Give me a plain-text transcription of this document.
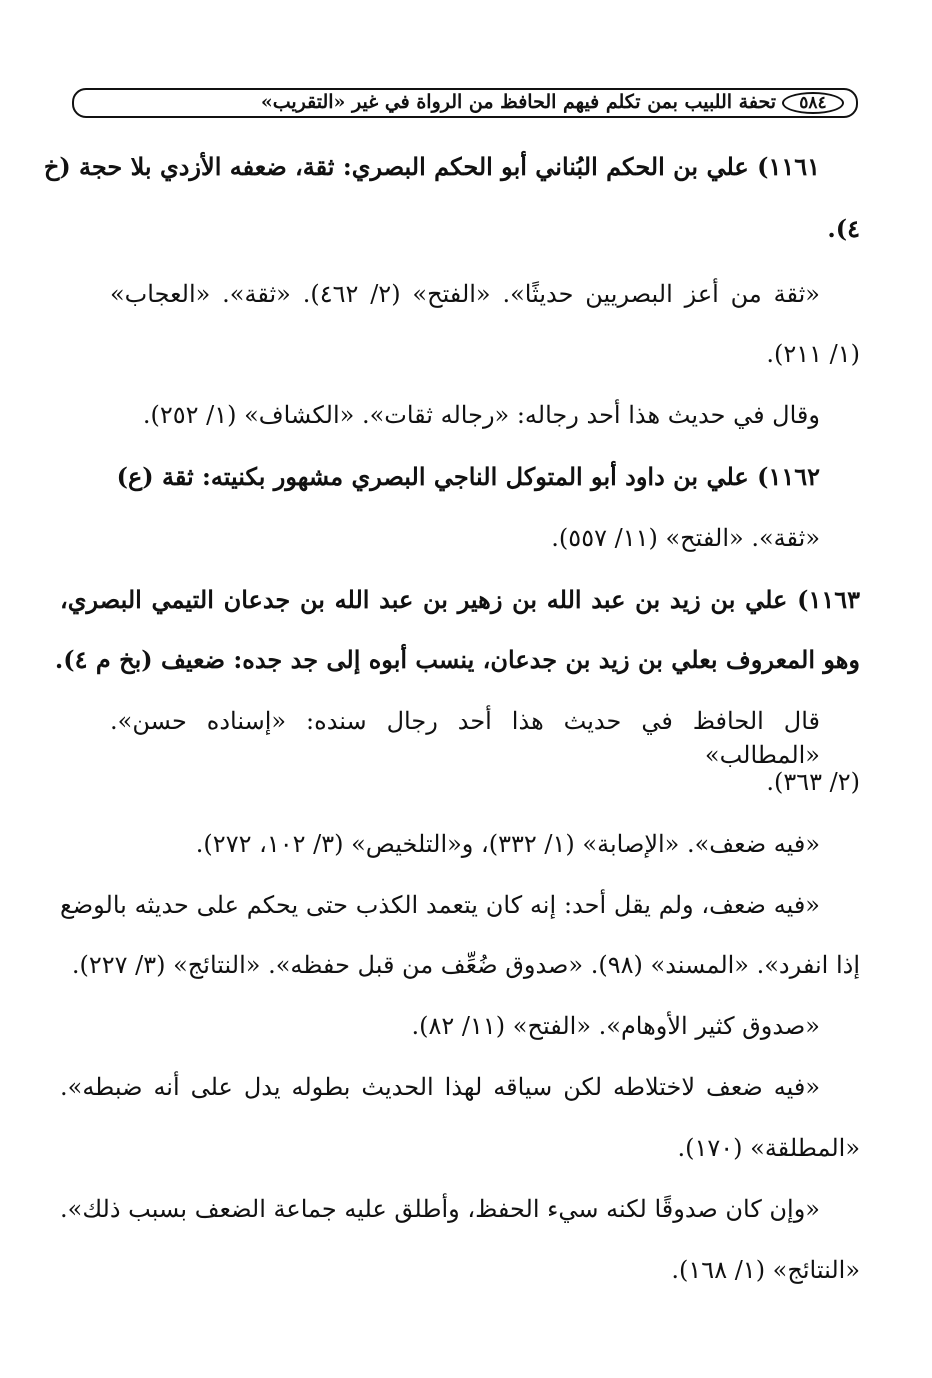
تحفة اللبيب بمن تكلم فيهم الحافظ من الرواة في غير «التقريب»	٥٨٤
١١٦١) علي بن الحكم البُناني أبو الحكم البصري: ثقة، ضعفه الأزدي بلا حجة (خ
٤).
«ثقة من أعز البصريين حديثًا». «الفتح» (٢/ ٤٦٢). «ثقة». «العجاب»
(١/ ٢١١).
وقال في حديث هذا أحد رجاله: «رجاله ثقات». «الكشاف» (١/ ٢٥٢).
١١٦٢) علي بن داود أبو المتوكل الناجي البصري مشهور بكنيته: ثقة (ع)
«ثقة». «الفتح» (١١/ ٥٥٧).
١١٦٣) علي بن زيد بن عبد الله بن زهير بن عبد الله بن جدعان التيمي البصري،
وهو المعروف بعلي بن زيد بن جدعان، ينسب أبوه إلى جد جده: ضعيف (بخ م ٤).
قال الحافظ في حديث هذا أحد رجال سنده: «إسناده حسن». «المطالب»
(٢/ ٣٦٣).
«فيه ضعف». «الإصابة» (١/ ٣٣٢)، و«التلخيص» (٣/ ١٠٢، ٢٧٢).
«فيه ضعف، ولم يقل أحد: إنه كان يتعمد الكذب حتى يحكم على حديثه بالوضع
إذا انفرد». «المسند» (٩٨). «صدوق ضُعِّف من قبل حفظه». «النتائج» (٣/ ٢٢٧).
«صدوق كثير الأوهام». «الفتح» (١١/ ٨٢).
«فيه ضعف لاختلاطه لكن سياقه لهذا الحديث بطوله يدل على أنه ضبطه».
«المطلقة» (١٧٠).
«وإن كان صدوقًا لكنه سيء الحفظ، وأطلق عليه جماعة الضعف بسبب ذلك».
«النتائج» (١/ ١٦٨).
